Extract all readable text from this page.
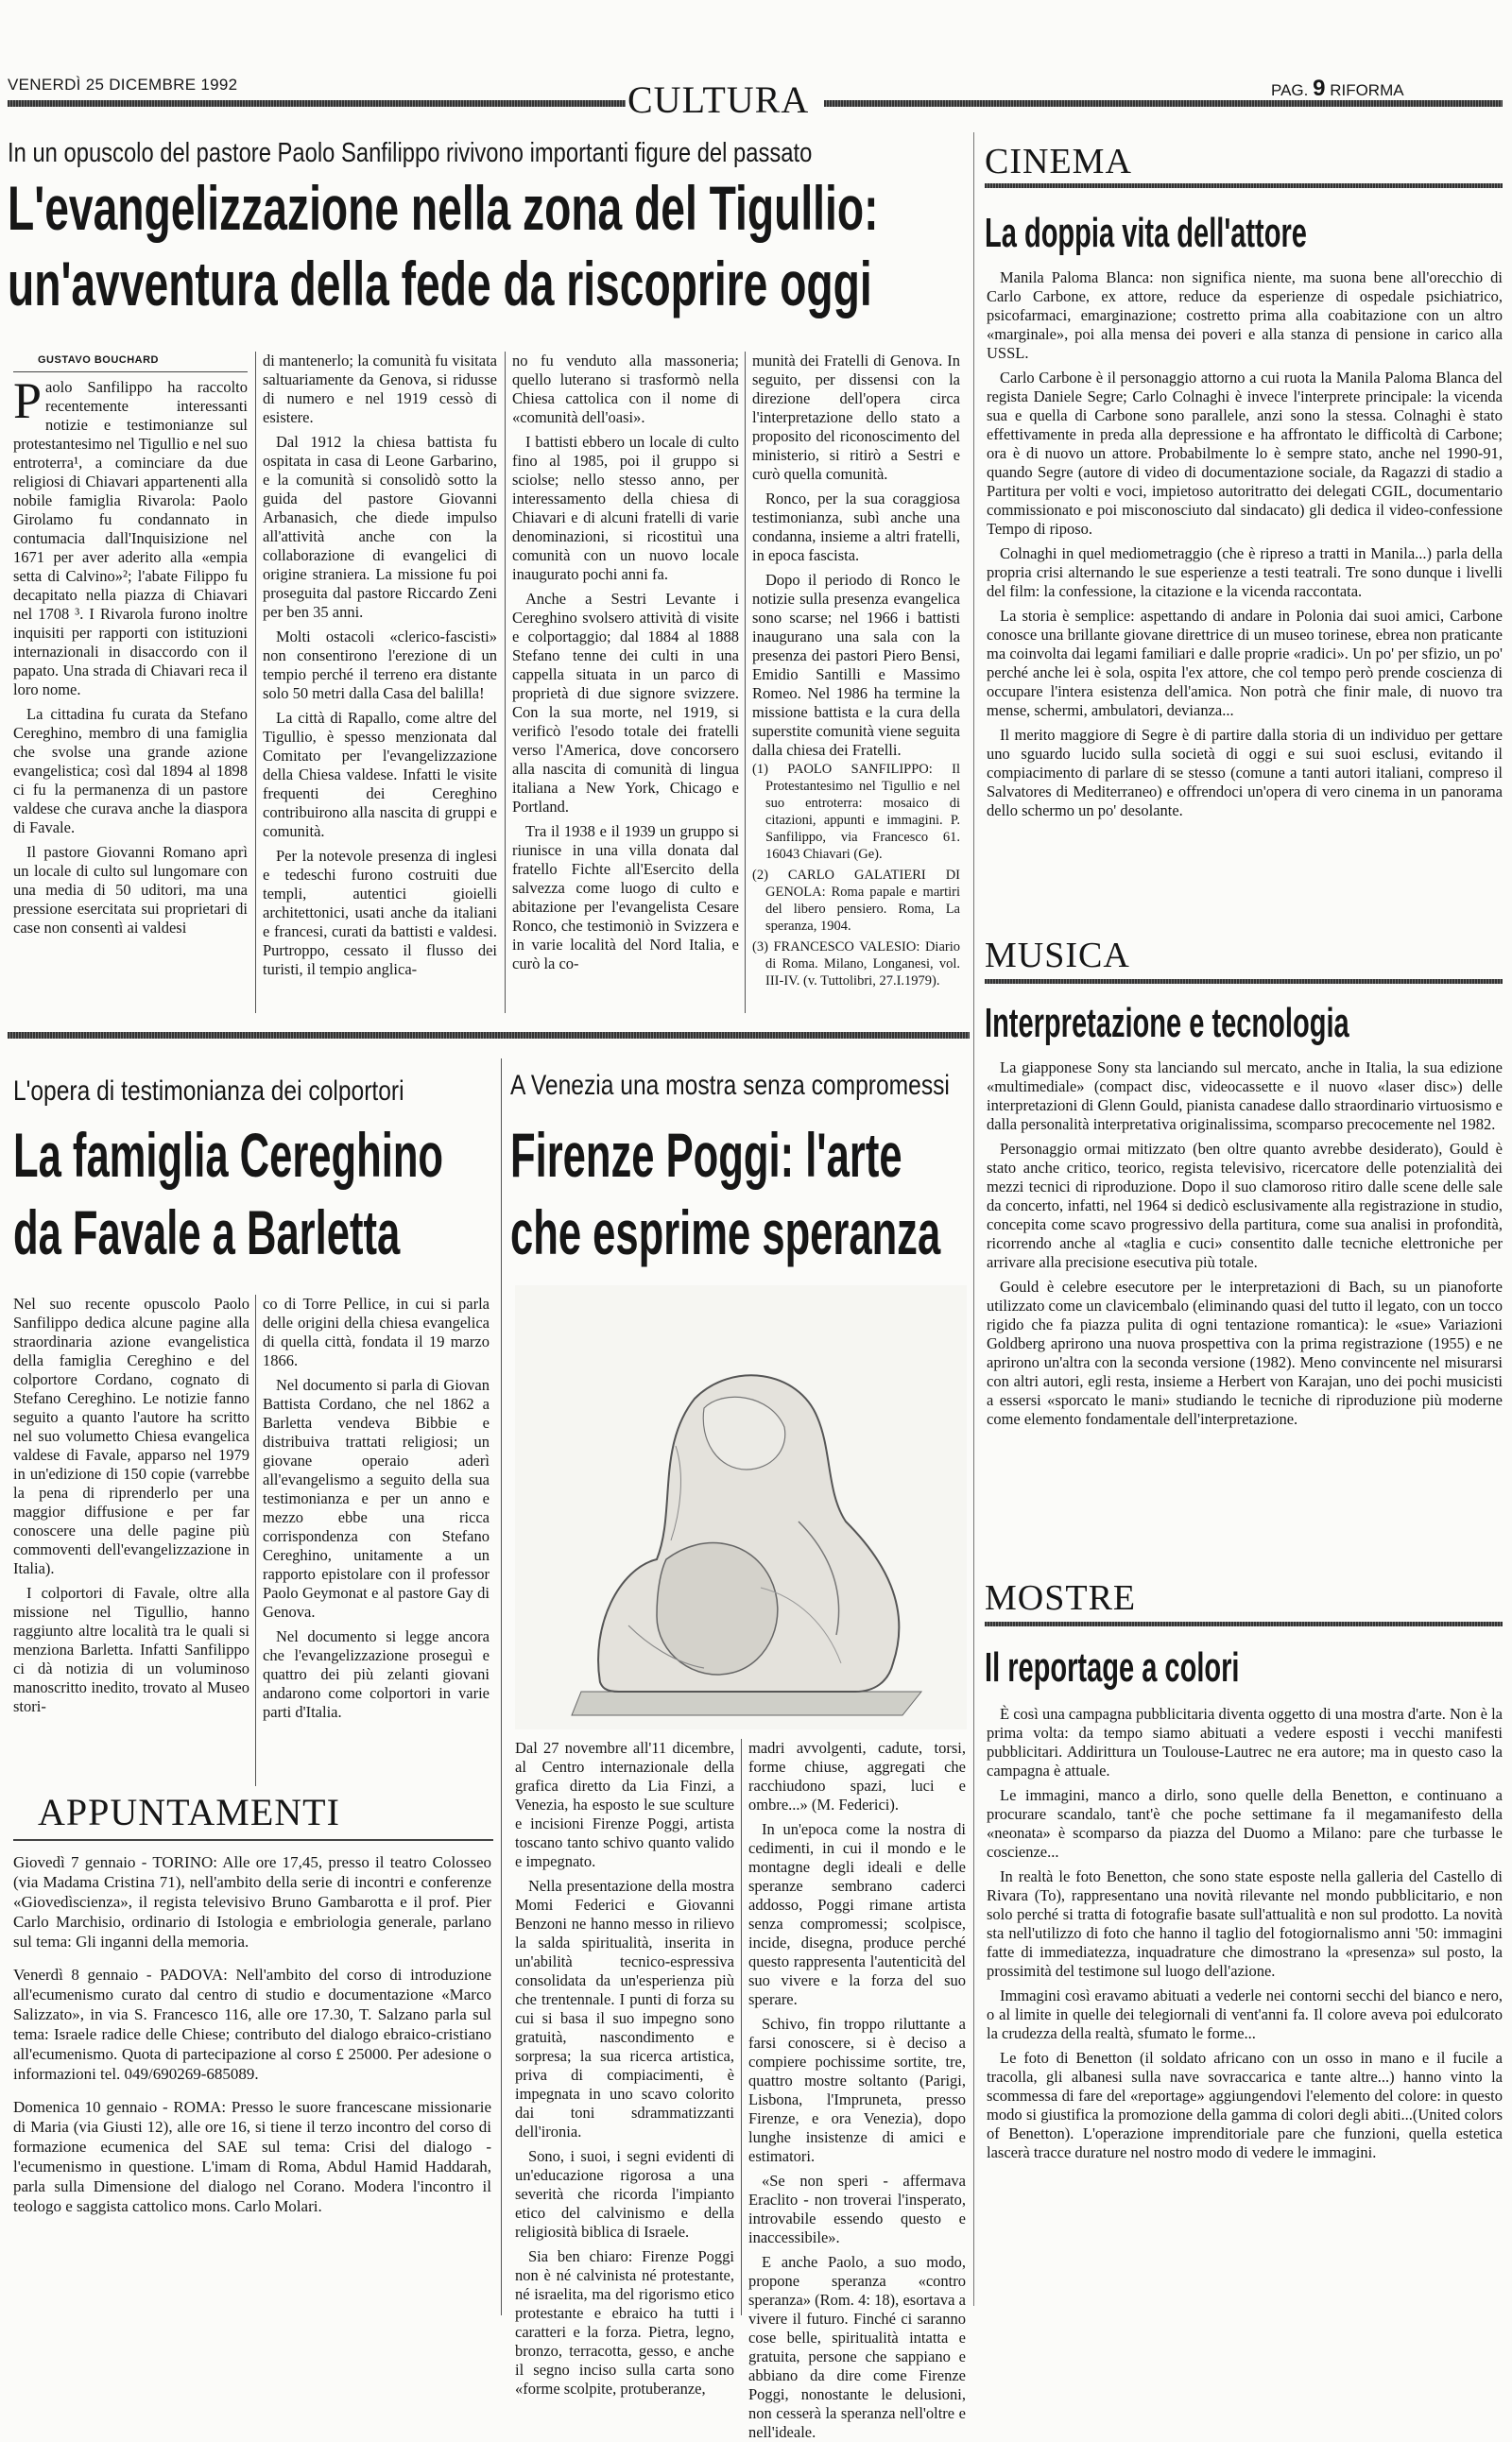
VENERDÌ 25 DICEMBRE 1992	CULTURA	PAG. 9 RIFORMA
In un opuscolo del pastore Paolo Sanfilippo rivivono importanti figure del passato
L'evangelizzazione nella zona del Tigullio:
un'avventura della fede da riscoprire oggi
GUSTAVO BOUCHARD

Paolo Sanfilippo ha raccolto recentemente interessanti notizie e testimonianze sul protestantesimo nel Tigullio e nel suo entroterra¹, a cominciare da due religiosi di Chiavari appartenenti alla nobile famiglia Rivarola: Paolo Girolamo fu condannato in contumacia dall'Inquisizione nel 1671 per aver aderito alla «empia setta di Calvino»²; l'abate Filippo fu decapitato nella piazza di Chiavari nel 1708 ³. I Rivarola furono inoltre inquisiti per rapporti con istituzioni internazionali in disaccordo con il papato. Una strada di Chiavari reca il loro nome.

La cittadina fu curata da Stefano Cereghino, membro di una famiglia che svolse una grande azione evangelistica; così dal 1894 al 1898 ci fu la permanenza di un pastore valdese che curava anche la diaspora di Favale.

Il pastore Giovanni Romano aprì un locale di culto sul lungomare con una media di 50 uditori, ma una pressione esercitata sui proprietari di case non consentì ai valdesi

di mantenerlo; la comunità fu visitata saltuariamente da Genova, si ridusse di numero e nel 1919 cessò di esistere.

Dal 1912 la chiesa battista fu ospitata in casa di Leone Garbarino, e la comunità si consolidò sotto la guida del pastore Giovanni Arbanasich, che diede impulso all'attività anche con la collaborazione di evangelici di origine straniera. La missione fu poi proseguita dal pastore Riccardo Zeni per ben 35 anni.

Molti ostacoli «clerico-fascisti» non consentirono l'erezione di un tempio perché il terreno era distante solo 50 metri dalla Casa del balilla!

La città di Rapallo, come altre del Tigullio, è spesso menzionata dal Comitato per l'evangelizzazione della Chiesa valdese. Infatti le visite frequenti dei Cereghino contribuirono alla nascita di gruppi e comunità.

Per la notevole presenza di inglesi e tedeschi furono costruiti due templi, autentici gioielli architettonici, usati anche da italiani e francesi, curati da battisti e valdesi. Purtroppo, cessato il flusso dei turisti, il tempio anglica-

no fu venduto alla massoneria; quello luterano si trasformò nella Chiesa cattolica con il nome di «comunità dell'oasi».

I battisti ebbero un locale di culto fino al 1985, poi il gruppo si sciolse; nello stesso anno, per interessamento della chiesa di Chiavari e di alcuni fratelli di varie denominazioni, si ricostituì una comunità con un nuovo locale inaugurato pochi anni fa.

Anche a Sestri Levante i Cereghino svolsero attività di visite e colportaggio; dal 1884 al 1888 Stefano tenne dei culti in una cappella situata in un parco di proprietà di due signore svizzere. Con la sua morte, nel 1919, si verificò l'esodo totale dei fratelli verso l'America, dove concorsero alla nascita di comunità di lingua italiana a New York, Chicago e Portland.

Tra il 1938 e il 1939 un gruppo si riunisce in una villa donata dal fratello Fichte all'Esercito della salvezza come luogo di culto e abitazione per l'evangelista Cesare Ronco, che testimoniò in Svizzera e in varie località del Nord Italia, e curò la co-

munità dei Fratelli di Genova. In seguito, per dissensi con la direzione dell'opera circa l'interpretazione dello stato a proposito del riconoscimento del ministerio, si ritirò a Sestri e curò quella comunità.

Ronco, per la sua coraggiosa testimonianza, subì anche una condanna, insieme a altri fratelli, in epoca fascista.

Dopo il periodo di Ronco le notizie sulla presenza evangelica sono scarse; nel 1966 i battisti inaugurano una sala con la presenza dei pastori Piero Bensi, Emidio Santilli e Massimo Romeo. Nel 1986 ha termine la missione battista e la cura della superstite comunità viene seguita dalla chiesa dei Fratelli.

(1) PAOLO SANFILIPPO: Il Protestantesimo nel Tigullio e nel suo entroterra: mosaico di citazioni, appunti e immagini. P. Sanfilippo, via Francesco 61. 16043 Chiavari (Ge).

(2) CARLO GALATIERI DI GENOLA: Roma papale e martiri del libero pensiero. Roma, La speranza, 1904.

(3) FRANCESCO VALESIO: Diario di Roma. Milano, Longanesi, vol. III-IV. (v. Tuttolibri, 27.I.1979).

L'opera di testimonianza dei colportori
La famiglia Cereghino
da Favale a Barletta

Nel suo recente opuscolo Paolo Sanfilippo dedica alcune pagine alla straordinaria azione evangelistica della famiglia Cereghino e del colportore Cordano, cognato di Stefano Cereghino. Le notizie fanno seguito a quanto l'autore ha scritto nel suo volumetto Chiesa evangelica valdese di Favale, apparso nel 1979 in un'edizione di 150 copie (varrebbe la pena di riprenderlo per una maggior diffusione e per far conoscere una delle pagine più commoventi dell'evangelizzazione in Italia).

I colportori di Favale, oltre alla missione nel Tigullio, hanno raggiunto altre località tra le quali si menziona Barletta. Infatti Sanfilippo ci dà notizia di un voluminoso manoscritto inedito, trovato al Museo stori-

co di Torre Pellice, in cui si parla delle origini della chiesa evangelica di quella città, fondata il 19 marzo 1866.

Nel documento si parla di Giovan Battista Cordano, che nel 1862 a Barletta vendeva Bibbie e distribuiva trattati religiosi; un giovane operaio aderì all'evangelismo a seguito della sua testimonianza e per un anno e mezzo ebbe una ricca corrispondenza con Stefano Cereghino, unitamente a un rapporto epistolare con il professor Paolo Geymonat e al pastore Gay di Genova.

Nel documento si legge ancora che l'evangelizzazione proseguì e quattro dei più zelanti giovani andarono come colportori in varie parti d'Italia.

APPUNTAMENTI

Giovedì 7 gennaio - TORINO: Alle ore 17,45, presso il teatro Colosseo (via Madama Cristina 71), nell'ambito della serie di incontri e conferenze «Giovedìscienza», il regista televisivo Bruno Gambarotta e il prof. Pier Carlo Marchisio, ordinario di Istologia e embriologia generale, parlano sul tema: Gli inganni della memoria.

Venerdì 8 gennaio - PADOVA: Nell'ambito del corso di introduzione all'ecumenismo curato dal centro di studio e documentazione «Marco Salizzato», in via S. Francesco 116, alle ore 17.30, T. Salzano parla sul tema: Israele radice delle Chiese; contributo del dialogo ebraico-cristiano all'ecumenismo. Quota di partecipazione al corso £ 25000. Per adesione o informazioni tel. 049/690269-685089.

Domenica 10 gennaio - ROMA: Presso le suore francescane missionarie di Maria (via Giusti 12), alle ore 16, si tiene il terzo incontro del corso di formazione ecumenica del SAE sul tema: Crisi del dialogo - l'ecumenismo in questione. L'imam di Roma, Abdul Hamid Haddarah, parla sulla Dimensione del dialogo nel Corano. Modera l'incontro il teologo e saggista cattolico mons. Carlo Molari.

A Venezia una mostra senza compromessi
Firenze Poggi: l'arte
che esprime speranza

Dal 27 novembre all'11 dicembre, al Centro internazionale della grafica diretto da Lia Finzi, a Venezia, ha esposto le sue sculture e incisioni Firenze Poggi, artista toscano tanto schivo quanto valido e impegnato.

Nella presentazione della mostra Momi Federici e Giovanni Benzoni ne hanno messo in rilievo la salda spiritualità, inserita in un'abilità tecnico-espressiva consolidata da un'esperienza più che trentennale. I punti di forza su cui si basa il suo impegno sono gratuità, nascondimento e sorpresa; la sua ricerca artistica, priva di compiacimenti, è impegnata in uno scavo colorito dai toni sdrammatizzanti dell'ironia.

Sono, i suoi, i segni evidenti di un'educazione rigorosa a una severità che ricorda l'impianto etico del calvinismo e della religiosità biblica di Israele.

Sia ben chiaro: Firenze Poggi non è né calvinista né protestante, né israelita, ma del rigorismo etico protestante e ebraico ha tutti i caratteri e la forza. Pietra, legno, bronzo, terracotta, gesso, e anche il segno inciso sulla carta sono «forme scolpite, protuberanze,

madri avvolgenti, cadute, torsi, forme chiuse, aggregati che racchiudono spazi, luci e ombre...» (M. Federici).

In un'epoca come la nostra di cedimenti, in cui il mondo e le montagne degli ideali e delle speranze sembrano caderci addosso, Poggi rimane artista senza compromessi; scolpisce, incide, disegna, produce perché questo rappresenta l'autenticità del suo vivere e la forza del suo sperare.

Schivo, fin troppo riluttante a farsi conoscere, si è deciso a compiere pochissime sortite, tre, quattro mostre soltanto (Parigi, Lisbona, l'Impruneta, presso Firenze, e ora Venezia), dopo lunghe insistenze di amici e estimatori.

«Se non speri - affermava Eraclito - non troverai l'insperato, introvabile essendo questo e inaccessibile».

E anche Paolo, a suo modo, propone speranza «contro speranza» (Rom. 4: 18), esortava a vivere il futuro. Finché ci saranno cose belle, spiritualità intatta e gratuita, persone che sappiano e abbiano da dire come Firenze Poggi, nonostante le delusioni, non cesserà la speranza nell'oltre e nell'ideale.

CINEMA
La doppia vita dell'attore

Manila Paloma Blanca: non significa niente, ma suona bene all'orecchio di Carlo Carbone, ex attore, reduce da esperienze di ospedale psichiatrico, psicofarmaci, emarginazione; costretto prima alla coabitazione con un altro «marginale», poi alla mensa dei poveri e alla stanza di pensione in carico alla USSL.

Carlo Carbone è il personaggio attorno a cui ruota la Manila Paloma Blanca del regista Daniele Segre; Carlo Colnaghi è invece l'interprete principale: la vicenda sua e quella di Carbone sono parallele, anzi sono la stessa. Colnaghi è stato effettivamente in preda alla depressione e ha affrontato le difficoltà di Carbone; ora è di nuovo un attore. Probabilmente lo è sempre stato, anche nel 1990-91, quando Segre (autore di video di documentazione sociale, da Ragazzi di stadio a Partitura per volti e voci, impietoso autoritratto dei delegati CGIL, documentario commissionato e poi misconosciuto dal sindacato) gli dedica il video-confessione Tempo di riposo.

Colnaghi in quel mediometraggio (che è ripreso a tratti in Manila...) parla della propria crisi alternando le sue esperienze a testi teatrali. Tre sono dunque i livelli del film: la confessione, la citazione e la vicenda raccontata.

La storia è semplice: aspettando di andare in Polonia dai suoi amici, Carbone conosce una brillante giovane direttrice di un museo torinese, ebrea non praticante ma coinvolta dai legami familiari e dalle proprie «radici». Un po' per sfizio, un po' perché anche lei è sola, ospita l'ex attore, che col tempo però prende coscienza di occupare l'intera esistenza dell'amica. Non potrà che finir male, di nuovo tra mense, schermi, ambulatori, devianza...

Il merito maggiore di Segre è di partire dalla storia di un individuo per gettare uno sguardo lucido sulla società di oggi e sui suoi esclusi, evitando il compiacimento di parlare di se stesso (comune a tanti autori italiani, compreso il Salvatores di Mediterraneo) e offrendoci un'opera di vero cinema in un panorama dello schermo un po' desolante.

MUSICA
Interpretazione e tecnologia

La giapponese Sony sta lanciando sul mercato, anche in Italia, la sua edizione «multimediale» (compact disc, videocassette e il nuovo «laser disc») delle interpretazioni di Glenn Gould, pianista canadese dallo straordinario virtuosismo e dalla personalità interpretativa originalissima, scomparso precocemente nel 1982.

Personaggio ormai mitizzato (ben oltre quanto avrebbe desiderato), Gould è stato anche critico, teorico, regista televisivo, ricercatore delle potenzialità dei mezzi tecnici di riproduzione. Dopo il suo clamoroso ritiro dalle scene delle sale da concerto, infatti, nel 1964 si dedicò esclusivamente alla registrazione in studio, concepita come scavo progressivo della partitura, come sua analisi in profondità, ricorrendo anche al «taglia e cuci» consentito dalle tecniche elettroniche per arrivare alla precisione esecutiva più totale.

Gould è celebre esecutore per le interpretazioni di Bach, su un pianoforte utilizzato come un clavicembalo (eliminando quasi del tutto il legato, con un tocco rigido che fa piazza pulita di ogni tentazione romantica): le «sue» Variazioni Goldberg aprirono una nuova prospettiva con la prima registrazione (1955) e ne aprirono un'altra con la seconda versione (1982). Meno convincente nel misurarsi con altri autori, egli resta, insieme a Herbert von Karajan, uno dei pochi musicisti a essersi «sporcato le mani» studiando le tecniche di riproduzione più moderne come elemento fondamentale dell'interpretazione.

MOSTRE
Il reportage a colori

È così una campagna pubblicitaria diventa oggetto di una mostra d'arte. Non è la prima volta: da tempo siamo abituati a vedere esposti i vecchi manifesti pubblicitari. Addirittura un Toulouse-Lautrec ne era autore; ma in questo caso la campagna è attuale.

Le immagini, manco a dirlo, sono quelle della Benetton, e continuano a procurare scandalo, tant'è che poche settimane fa il megamanifesto della «neonata» è scomparso da piazza del Duomo a Milano: pare che turbasse le coscienze...

In realtà le foto Benetton, che sono state esposte nella galleria del Castello di Rivara (To), rappresentano una novità rilevante nel mondo pubblicitario, e non solo perché si tratta di fotografie basate sull'attualità e non sul prodotto. La novità sta nell'utilizzo di foto che hanno il taglio del fotogiornalismo anni '50: immagini fatte di immediatezza, inquadrature che dimostrano la «presenza» sul posto, la prossimità del testimone sul luogo dell'azione.

Immagini così eravamo abituati a vederle nei contorni secchi del bianco e nero, o al limite in quelle dei telegiornali di vent'anni fa. Il colore aveva poi edulcorato la crudezza della realtà, sfumato le forme...

Le foto di Benetton (il soldato africano con un osso in mano e il fucile a tracolla, gli albanesi sulla nave sovraccarica e tante altre...) hanno vinto la scommessa di fare del «reportage» aggiungendovi l'elemento del colore: in questo modo si giustifica la promozione della gamma di colori degli abiti...(United colors of Benetton). L'operazione imprenditoriale pare che funzioni, quella estetica lascerà tracce durature nel nostro modo di vedere le immagini.
